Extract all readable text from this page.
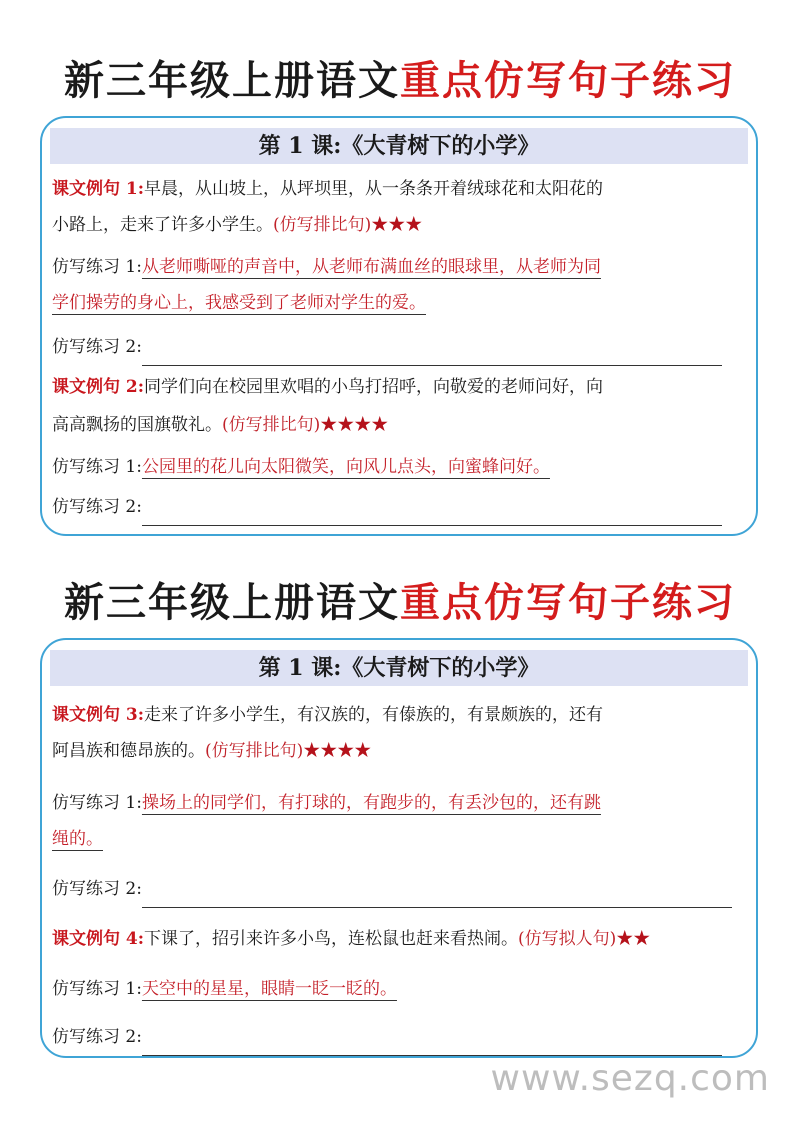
新三年级上册语文重点仿写句子练习
第 1 课:《大青树下的小学》
课文例句 1:早晨，从山坡上，从坪坝里，从一条条开着绒球花和太阳花的
小路上，走来了许多小学生。(仿写排比句)★★★
仿写练习 1:从老师嘶哑的声音中，从老师布满血丝的眼球里，从老师为同
学们操劳的身心上，我感受到了老师对学生的爱。
仿写练习 2:
课文例句 2:同学们向在校园里欢唱的小鸟打招呼，向敬爱的老师问好，向
高高飘扬的国旗敬礼。(仿写排比句)★★★★
仿写练习 1:公园里的花儿向太阳微笑，向风儿点头，向蜜蜂问好。
仿写练习 2:
新三年级上册语文重点仿写句子练习
第 1 课:《大青树下的小学》
课文例句 3:走来了许多小学生，有汉族的，有傣族的，有景颇族的，还有
阿昌族和德昂族的。(仿写排比句)★★★★
仿写练习 1:操场上的同学们，有打球的，有跑步的，有丢沙包的，还有跳
绳的。
仿写练习 2:
课文例句 4:下课了，招引来许多小鸟，连松鼠也赶来看热闹。(仿写拟人句)★★
仿写练习 1:天空中的星星，眼睛一眨一眨的。
仿写练习 2:
www.sezq.com
